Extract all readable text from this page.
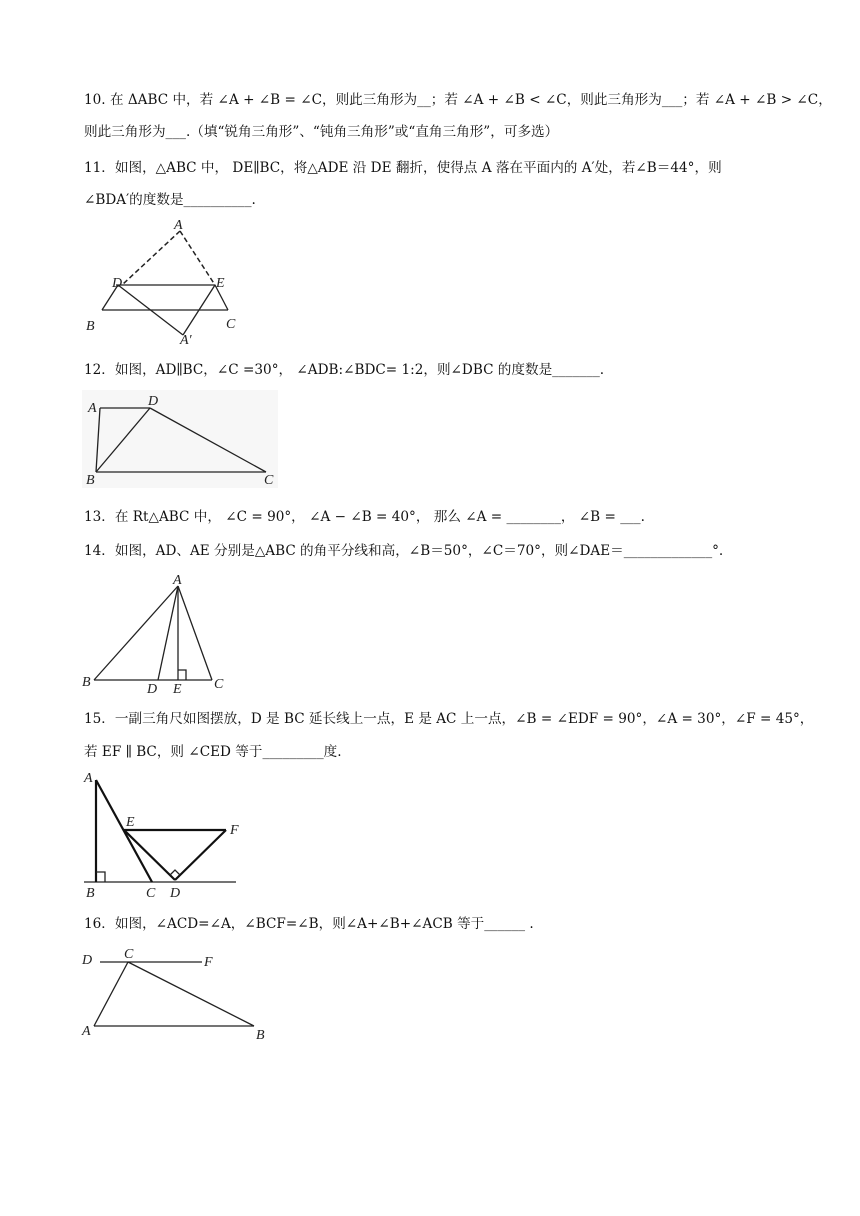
10. 在 ΔABC 中，若 ∠A + ∠B = ∠C，则此三角形为__；若 ∠A + ∠B < ∠C，则此三角形为___；若 ∠A + ∠B > ∠C，
则此三角形为___.（填“锐角三角形”、“钝角三角形”或“直角三角形”，可多选）
11．如图，△ABC 中， DE∥BC，将△ADE 沿 DE 翻折，使得点 A 落在平面内的 A′处，若∠B＝44°，则
∠BDA′的度数是__________.
A
D	E
B	C
A′
12．如图，AD∥BC，∠C =30°， ∠ADB:∠BDC= 1:2，则∠DBC 的度数是_______.
A	D
B	C
13．在 Rt△ABC 中， ∠C = 90°， ∠A − ∠B = 40°， 那么 ∠A = ________， ∠B = ___.
14．如图，AD、AE 分别是△ABC 的角平分线和高，∠B＝50°，∠C＝70°，则∠DAE＝_____________°.
A
B	D E C
15．一副三角尺如图摆放，D 是 BC 延长线上一点，E 是 AC 上一点，∠B = ∠EDF = 90°，∠A = 30°，∠F = 45°，
若 EF ∥ BC，则 ∠CED 等于_________度.
A
E
F
B	C D
16．如图，∠ACD=∠A，∠BCF=∠B，则∠A+∠B+∠ACB 等于______ .
D C
F
A	B
